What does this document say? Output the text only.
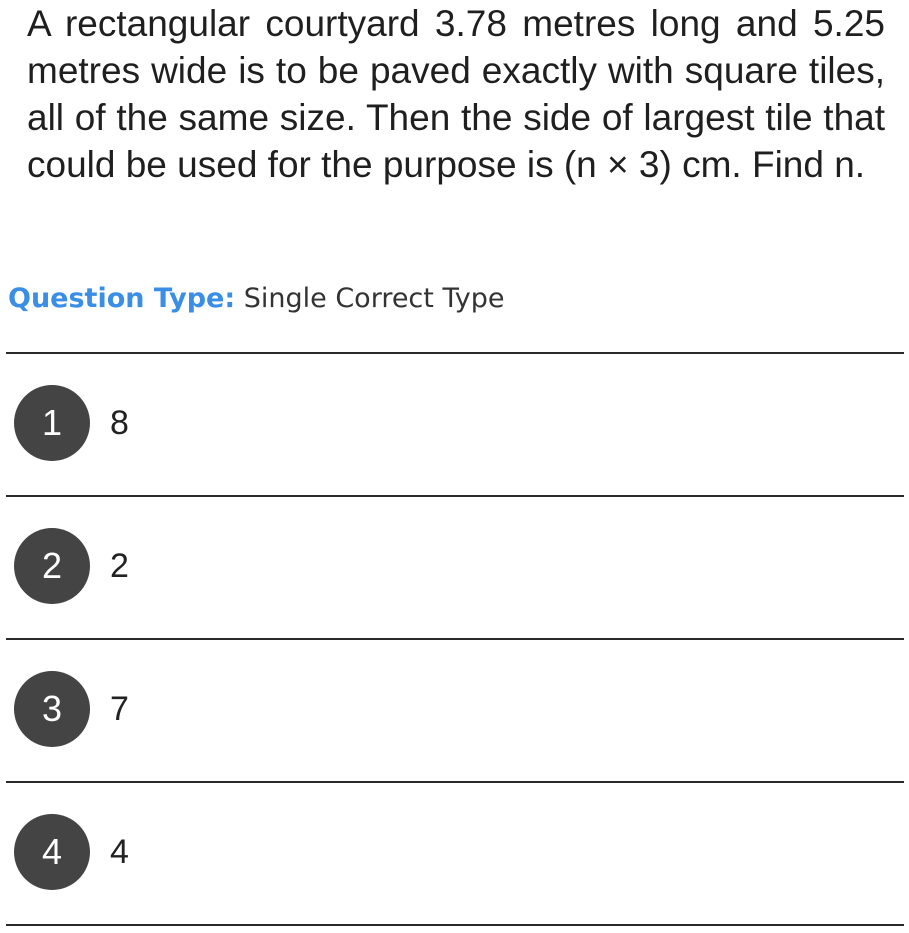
A rectangular courtyard 3.78 metres long and 5.25 metres wide is to be paved exactly with square tiles, all of the same size. Then the side of largest tile that could be used for the purpose is (n × 3) cm. Find n.

Question Type: Single Correct Type
1	8
2	2
3	7
4	4
